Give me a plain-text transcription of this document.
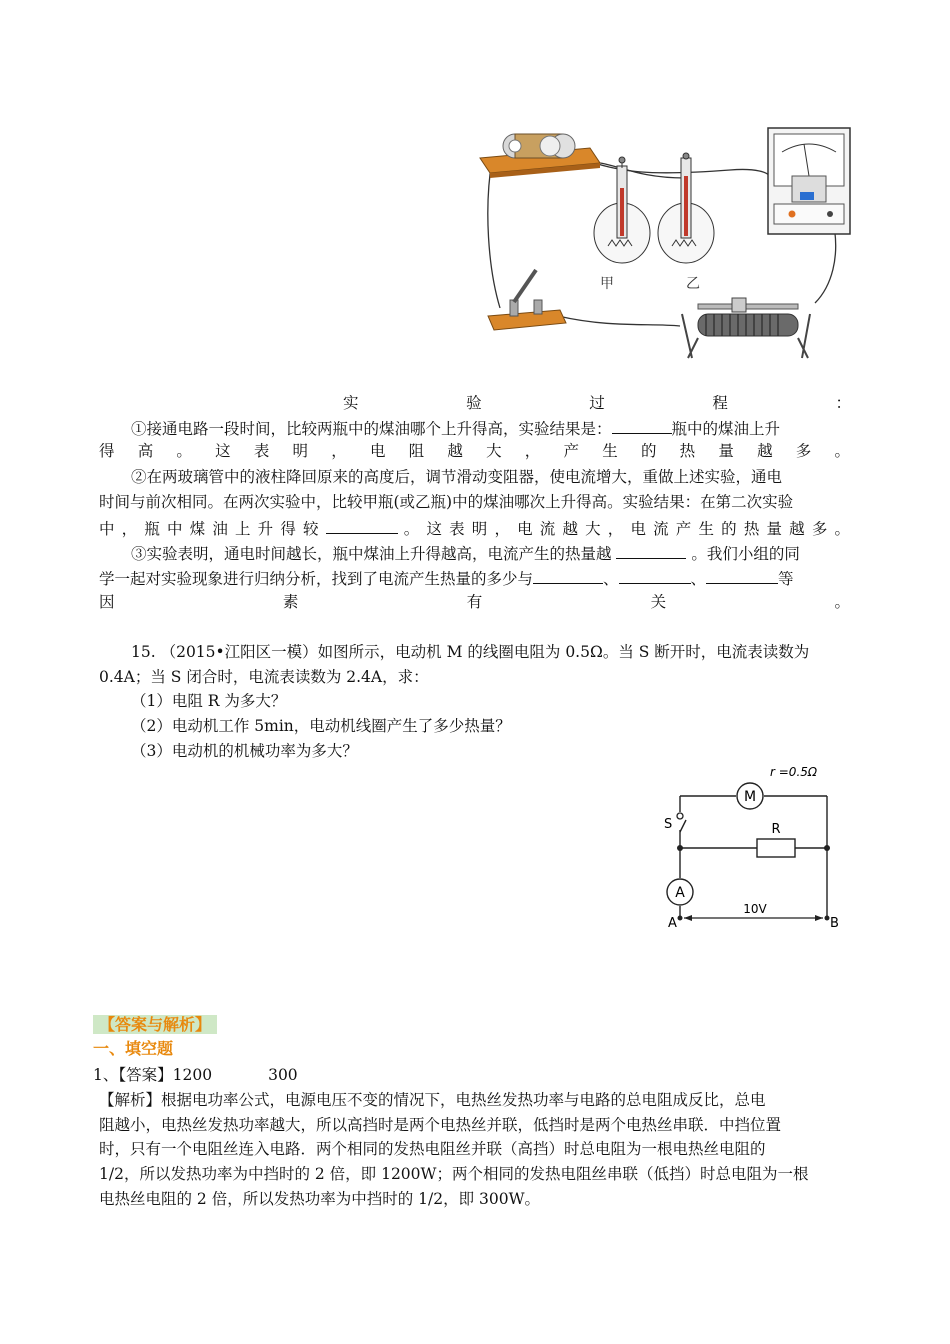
甲	乙
实	验	过	程	：
①接通电路一段时间，比较两瓶中的煤油哪个上升得高，实验结果是：	瓶中的煤油上升
得 高 。 这 表 明 ， 电 阻 越 大 ， 产 生 的 热 量 越 多 。
②在两玻璃管中的液柱降回原来的高度后，调节滑动变阻器，使电流增大，重做上述实验，通电
时间与前次相同。在两次实验中，比较甲瓶(或乙瓶)中的煤油哪次上升得高。实验结果：在第二次实验
中 ， 瓶 中 煤 油 上 升 得 较	。 这 表 明 ， 电 流 越 大 ， 电 流 产 生 的 热 量 越 多 。
③实验表明，通电时间越长，瓶中煤油上升得越高，电流产生的热量越	。我们小组的同
学一起对实验现象进行归纳分析，找到了电流产生热量的多少与	、	、	等
因	素	有	关	。
15. （2015•江阳区一模）如图所示，电动机 M 的线圈电阻为 0.5Ω。当 S 断开时，电流表读数为
0.4A；当 S 闭合时，电流表读数为 2.4A，求：
（1）电阻 R 为多大？
（2）电动机工作 5min，电动机线圈产生了多少热量？
（3）电动机的机械功率为多大？
M
r =0.5Ω
S	R
A
A	B
10V
【答案与解析】
一、填空题
1、【答案】1200	300
【解析】根据电功率公式，电源电压不变的情况下，电热丝发热功率与电路的总电阻成反比，总电
阻越小，电热丝发热功率越大，所以高挡时是两个电热丝并联，低挡时是两个电热丝串联．中挡位置
时，只有一个电阻丝连入电路．两个相同的发热电阻丝并联（高挡）时总电阻为一根电热丝电阻的
1/2，所以发热功率为中挡时的 2 倍，即 1200W；两个相同的发热电阻丝串联（低挡）时总电阻为一根
电热丝电阻的 2 倍，所以发热功率为中挡时的 1/2，即 300W。
